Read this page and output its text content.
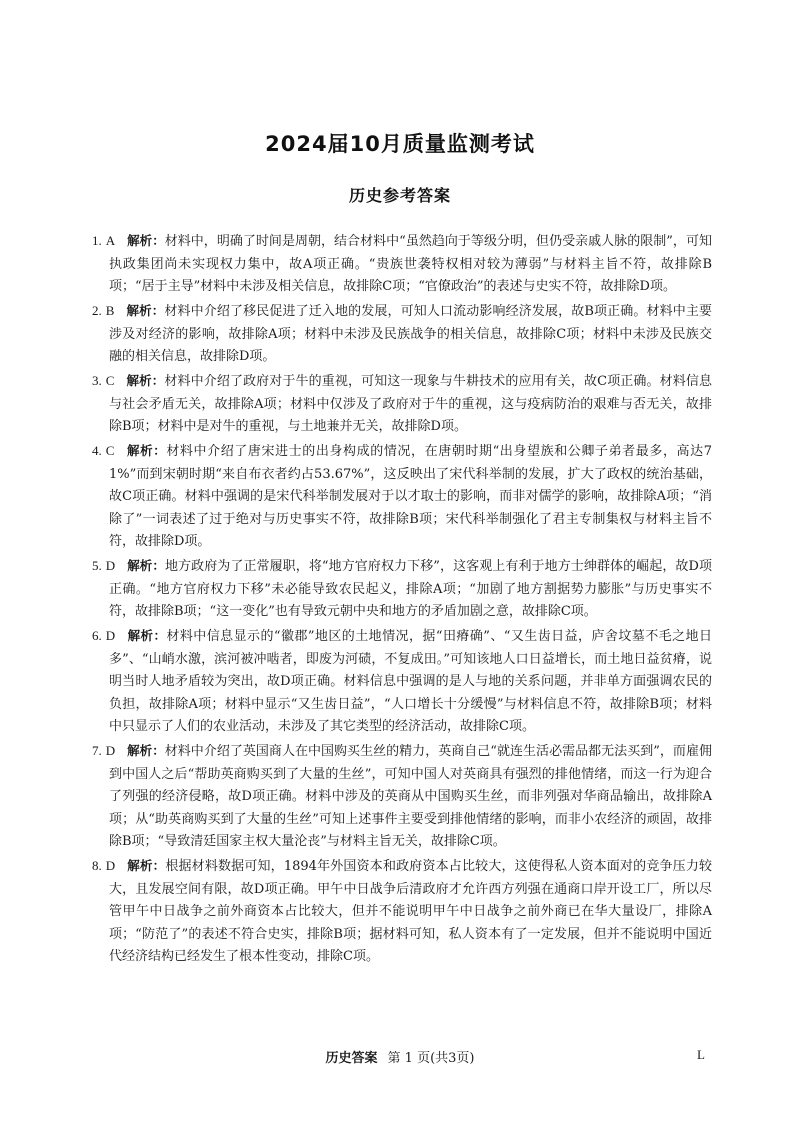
2024届10月质量监测考试
历史参考答案

1. A 解析：材料中，明确了时间是周朝，结合材料中“虽然趋向于等级分明，但仍受亲戚人脉的限制”，可知执政集团尚未实现权力集中，故A项正确。“贵族世袭特权相对较为薄弱”与材料主旨不符，故排除B项；“居于主导”材料中未涉及相关信息，故排除C项；“官僚政治”的表述与史实不符，故排除D项。

2. B 解析：材料中介绍了移民促进了迁入地的发展，可知人口流动影响经济发展，故B项正确。材料中主要涉及对经济的影响，故排除A项；材料中未涉及民族战争的相关信息，故排除C项；材料中未涉及民族交融的相关信息，故排除D项。

3. C 解析：材料中介绍了政府对于牛的重视，可知这一现象与牛耕技术的应用有关，故C项正确。材料信息与社会矛盾无关，故排除A项；材料中仅涉及了政府对于牛的重视，这与疫病防治的艰难与否无关，故排除B项；材料中是对牛的重视，与土地兼并无关，故排除D项。

4. C 解析：材料中介绍了唐宋进士的出身构成的情况，在唐朝时期“出身望族和公卿子弟者最多，高达71%”而到宋朝时期“来自布衣者约占53.67%”，这反映出了宋代科举制的发展，扩大了政权的统治基础，故C项正确。材料中强调的是宋代科举制发展对于以才取士的影响，而非对儒学的影响，故排除A项；“消除了”一词表述了过于绝对与历史事实不符，故排除B项；宋代科举制强化了君主专制集权与材料主旨不符，故排除D项。

5. D 解析：地方政府为了正常履职，将“地方官府权力下移”，这客观上有利于地方士绅群体的崛起，故D项正确。“地方官府权力下移”未必能导致农民起义，排除A项；“加剧了地方割据势力膨胀”与历史事实不符，故排除B项；“这一变化”也有导致元朝中央和地方的矛盾加剧之意，故排除C项。

6. D 解析：材料中信息显示的“徽郡”地区的土地情况，据“田瘠确”、“又生齿日益，庐舍坟墓不毛之地日多”、“山峭水激，滨河被冲啮者，即废为河碛，不复成田。”可知该地人口日益增长，而土地日益贫瘠，说明当时人地矛盾较为突出，故D项正确。材料信息中强调的是人与地的关系问题，并非单方面强调农民的负担，故排除A项；材料中显示“又生齿日益”，“人口增长十分缓慢”与材料信息不符，故排除B项；材料中只显示了人们的农业活动，未涉及了其它类型的经济活动，故排除C项。

7. D 解析：材料中介绍了英国商人在中国购买生丝的精力，英商自己“就连生活必需品都无法买到”，而雇佣到中国人之后“帮助英商购买到了大量的生丝”，可知中国人对英商具有强烈的排他情绪，而这一行为迎合了列强的经济侵略，故D项正确。材料中涉及的英商从中国购买生丝，而非列强对华商品输出，故排除A项；从“助英商购买到了大量的生丝”可知上述事件主要受到排他情绪的影响，而非小农经济的顽固，故排除B项；“导致清廷国家主权大量沦丧”与材料主旨无关，故排除C项。

8. D 解析：根据材料数据可知，1894年外国资本和政府资本占比较大，这使得私人资本面对的竞争压力较大，且发展空间有限，故D项正确。甲午中日战争后清政府才允许西方列强在通商口岸开设工厂，所以尽管甲午中日战争之前外商资本占比较大，但并不能说明甲午中日战争之前外商已在华大量设厂，排除A项；“防范了”的表述不符合史实，排除B项；据材料可知，私人资本有了一定发展，但并不能说明中国近代经济结构已经发生了根本性变动，排除C项。

历史答案 第 1 页(共3页)	L
